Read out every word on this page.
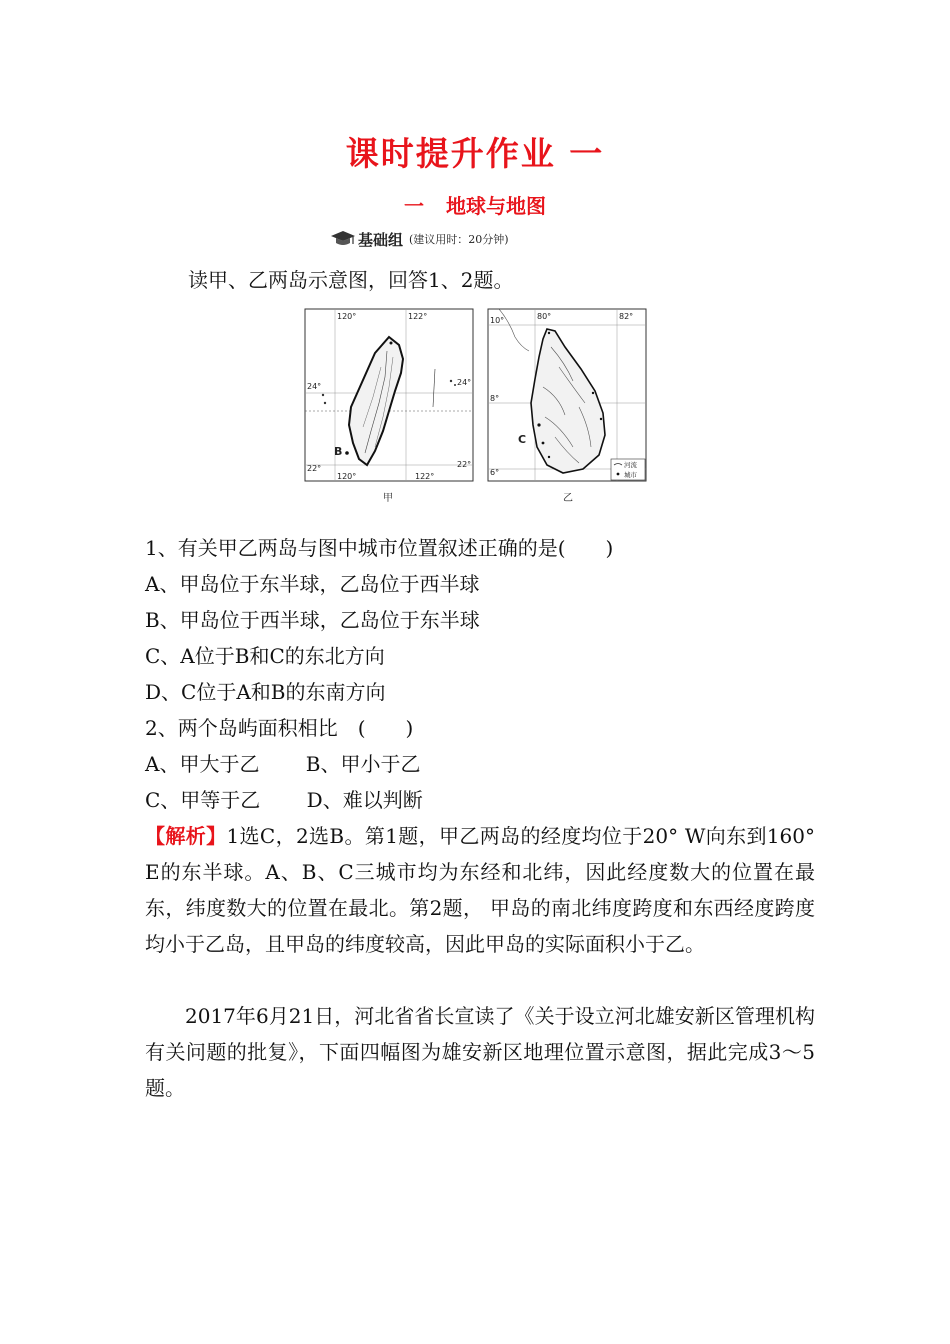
课时提升作业 一
一 地球与地图
基础组 (建议用时：20分钟)
读甲、乙两岛示意图，回答1、2题。
120°	122°
120°	122°
24°	24°
22°	22°
B
甲
80°	82°
10°
8°
6°
C
河流
城市
乙
1、有关甲乙两岛与图中城市位置叙述正确的是(　　)
A、甲岛位于东半球，乙岛位于西半球
B、甲岛位于西半球，乙岛位于东半球
C、A位于B和C的东北方向
D、C位于A和B的东南方向
2、两个岛屿面积相比　(　　)
A、甲大于乙　　 B、甲小于乙
C、甲等于乙　　 D、难以判断
【解析】1选C，2选B。第1题，甲乙两岛的经度均位于20° W向东到160° E的东半球。A、B、C三城市均为东经和北纬，因此经度数大的位置在最东，纬度数大的位置在最北。第2题， 甲岛的南北纬度跨度和东西经度跨度均小于乙岛，且甲岛的纬度较高，因此甲岛的实际面积小于乙。
2017年6月21日，河北省省长宣读了《关于设立河北雄安新区管理机构有关问题的批复》，下面四幅图为雄安新区地理位置示意图，据此完成3～5题。
